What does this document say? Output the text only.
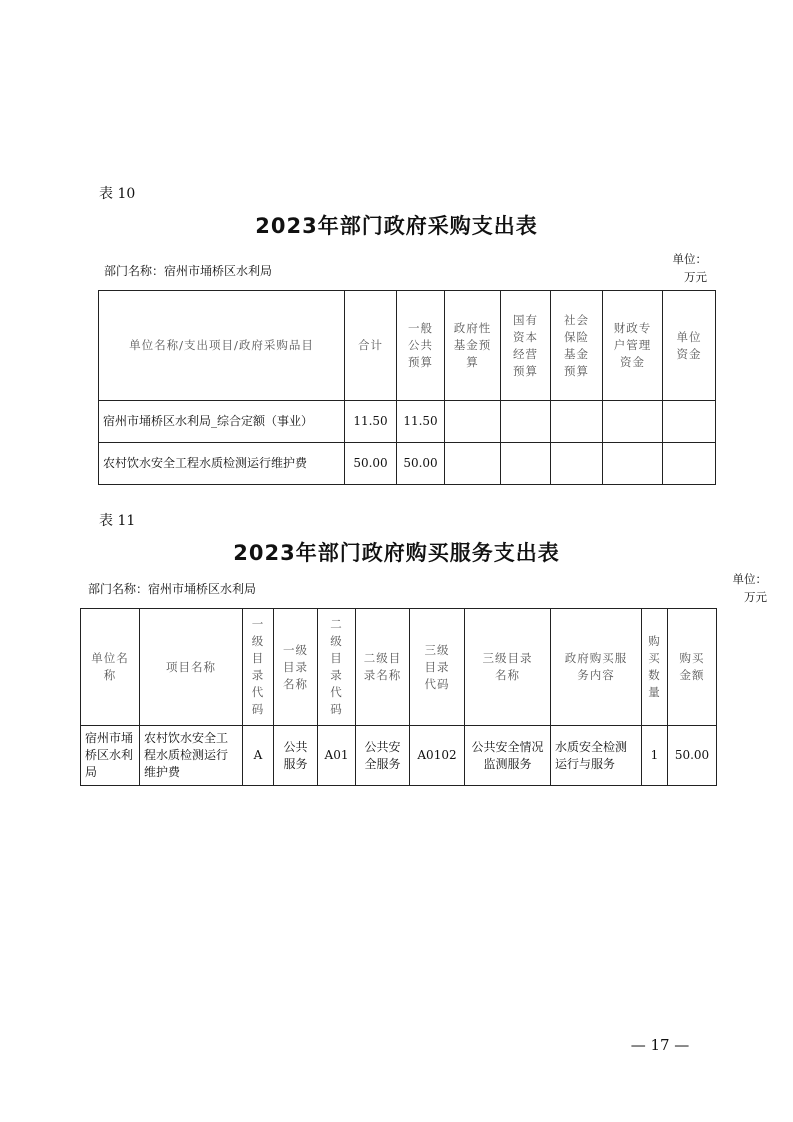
表 10
2023年部门政府采购支出表
部门名称：宿州市埇桥区水利局
单位：
万元
单位名称/支出项目/政府采购品目	合计	一般公共预算	政府性基金预算	国有资本经营预算	社会保险基金预算	财政专户管理资金	单位资金
宿州市埇桥区水利局_综合定额（事业）	11.50	11.50					
农村饮水安全工程水质检测运行维护费	50.00	50.00					
表 11
2023年部门政府购买服务支出表
部门名称：宿州市埇桥区水利局
单位：
万元
单位名称	项目名称	一级目录代码	一级目录名称	二级目录代码	二级目录名称	三级目录代码	三级目录名称	政府购买服务内容	购买数量	购买金额
宿州市埇桥区水利局	农村饮水安全工程水质检测运行维护费	A	公共服务	A01	公共安全服务	A0102	公共安全情况监测服务	水质安全检测运行与服务	1	50.00
— 17 —
